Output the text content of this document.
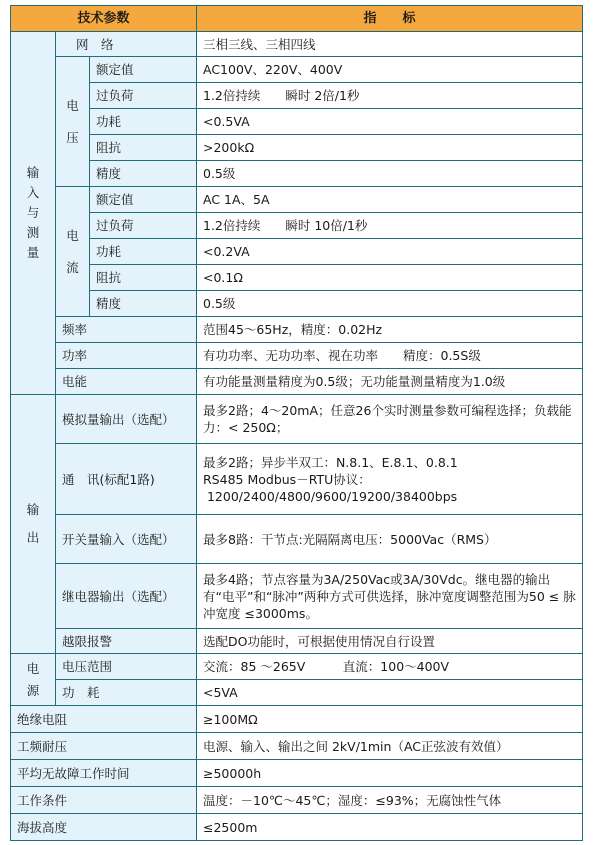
技术参数			指　　标

输
入
与
测
量	网　络		三相三线、三相四线

	电

压	额定值	AC100V、220V、400V
		过负荷	1.2倍持续　　瞬时 2倍/1秒
		功耗	<0.5VA
		阻抗	>200kΩ
		精度	0.5级

	电

流	额定值	AC 1A、5A
		过负荷	1.2倍持续　　瞬时 10倍/1秒
		功耗	<0.2VA
		阻抗	<0.1Ω
		精度	0.5级
	频率		范围45～65Hz，精度：0.02Hz
	功率		有功功率、无功功率、视在功率　　精度：0.5S级
	电能		有功能量测量精度为0.5级；无功能量测量精度为1.0级

输

出	模拟量输出（选配）		最多2路；4～20mA；任意26个实时测量参数可编程选择；负载能力：< 250Ω；
	通　讯(标配1路)		最多2路；异步半双工：N.8.1、E.8.1、0.8.1
RS485 Modbus－RTU协议：
1200/2400/4800/9600/19200/38400bps

	开关量输入（选配）		最多8路：干节点:光隔隔离电压：5000Vac（RMS）
	继电器输出（选配）		最多4路；节点容量为3A/250Vac或3A/30Vdc。继电器的输出有“电平”和“脉冲”两种方式可供选择，脉冲宽度调整范围为50 ≤ 脉冲宽度 ≤3000ms。
	越限报警		选配DO功能时，可根据使用情况自行设置

电
源	电压范围		交流：85 ～265V　　　直流：100～400V
	功　耗		<5VA
绝缘电阻			≥100MΩ
工频耐压			电源、输入、输出之间 2kV/1min（AC正弦波有效值）
平均无故障工作时间			≥50000h
工作条件			温度：－10℃～45℃；湿度：≤93%；无腐蚀性气体
海拔高度			≤2500m
